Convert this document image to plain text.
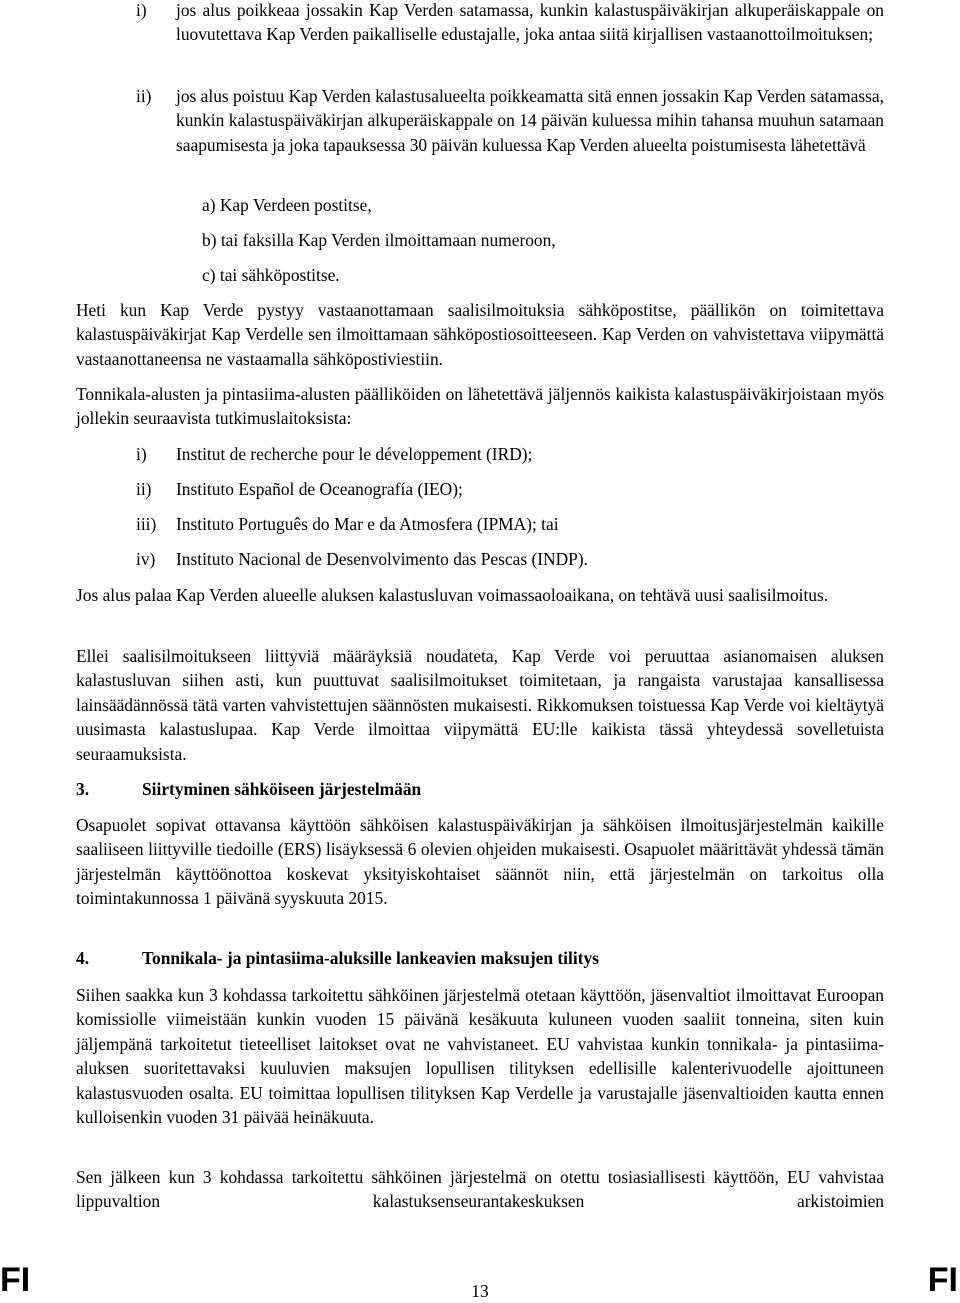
i) jos alus poikkeaa jossakin Kap Verden satamassa, kunkin kalastuspäiväkirjan alkuperäiskappale on luovutettava Kap Verden paikalliselle edustajalle, joka antaa siitä kirjallisen vastaanottoilmoituksen;
ii) jos alus poistuu Kap Verden kalastusalueelta poikkeamatta sitä ennen jossakin Kap Verden satamassa, kunkin kalastuspäiväkirjan alkuperäiskappale on 14 päivän kuluessa mihin tahansa muuhun satamaan saapumisesta ja joka tapauksessa 30 päivän kuluessa Kap Verden alueelta poistumisesta lähetettävä
a) Kap Verdeen postitse,
b) tai faksilla Kap Verden ilmoittamaan numeroon,
c) tai sähköpostitse.
Heti kun Kap Verde pystyy vastaanottamaan saalisilmoituksia sähköpostitse, päällikön on toimitettava kalastuspäiväkirjat Kap Verdelle sen ilmoittamaan sähköpostiosoitteeseen. Kap Verden on vahvistettava viipymättä vastaanottaneensa ne vastaamalla sähköpostiviestiin.
Tonnikala-alusten ja pintasiima-alusten päälliköiden on lähetettävä jäljennös kaikista kalastuspäiväkirjoistaan myös jollekin seuraavista tutkimuslaitoksista:
i) Institut de recherche pour le développement (IRD);
ii) Instituto Español de Oceanografía (IEO);
iii) Instituto Português do Mar e da Atmosfera (IPMA); tai
iv) Instituto Nacional de Desenvolvimento das Pescas (INDP).
Jos alus palaa Kap Verden alueelle aluksen kalastusluvan voimassaoloaikana, on tehtävä uusi saalisilmoitus.
Ellei saalisilmoitukseen liittyviä määräyksiä noudateta, Kap Verde voi peruuttaa asianomaisen aluksen kalastusluvan siihen asti, kun puuttuvat saalisilmoitukset toimitetaan, ja rangaista varustajaa kansallisessa lainsäädännössä tätä varten vahvistettujen säännösten mukaisesti. Rikkomuksen toistuessa Kap Verde voi kieltäytyä uusimasta kalastuslupaa. Kap Verde ilmoittaa viipymättä EU:lle kaikista tässä yhteydessä sovelletuista seuraamuksista.
3.	Siirtyminen sähköiseen järjestelmään
Osapuolet sopivat ottavansa käyttöön sähköisen kalastuspäiväkirjan ja sähköisen ilmoitusjärjestelmän kaikille saaliiseen liittyville tiedoille (ERS) lisäyksessä 6 olevien ohjeiden mukaisesti. Osapuolet määrittävät yhdessä tämän järjestelmän käyttöönottoa koskevat yksityiskohtaiset säännöt niin, että järjestelmän on tarkoitus olla toimintakunnossa 1 päivänä syyskuuta 2015.
4.	Tonnikala- ja pintasiima-aluksille lankeavien maksujen tilitys
Siihen saakka kun 3 kohdassa tarkoitettu sähköinen järjestelmä otetaan käyttöön, jäsenvaltiot ilmoittavat Euroopan komissiolle viimeistään kunkin vuoden 15 päivänä kesäkuuta kuluneen vuoden saaliit tonneina, siten kuin jäljempänä tarkoitetut tieteelliset laitokset ovat ne vahvistaneet. EU vahvistaa kunkin tonnikala- ja pintasiima-aluksen suoritettavaksi kuuluvien maksujen lopullisen tilityksen edellisille kalenterivuodelle ajoittuneen kalastusvuoden osalta. EU toimittaa lopullisen tilityksen Kap Verdelle ja varustajalle jäsenvaltioiden kautta ennen kulloisenkin vuoden 31 päivää heinäkuuta.
Sen jälkeen kun 3 kohdassa tarkoitettu sähköinen järjestelmä on otettu tosiasiallisesti käyttöön, EU vahvistaa lippuvaltion kalastuksenseurantakeskuksen arkistoimien
FI	13	FI
